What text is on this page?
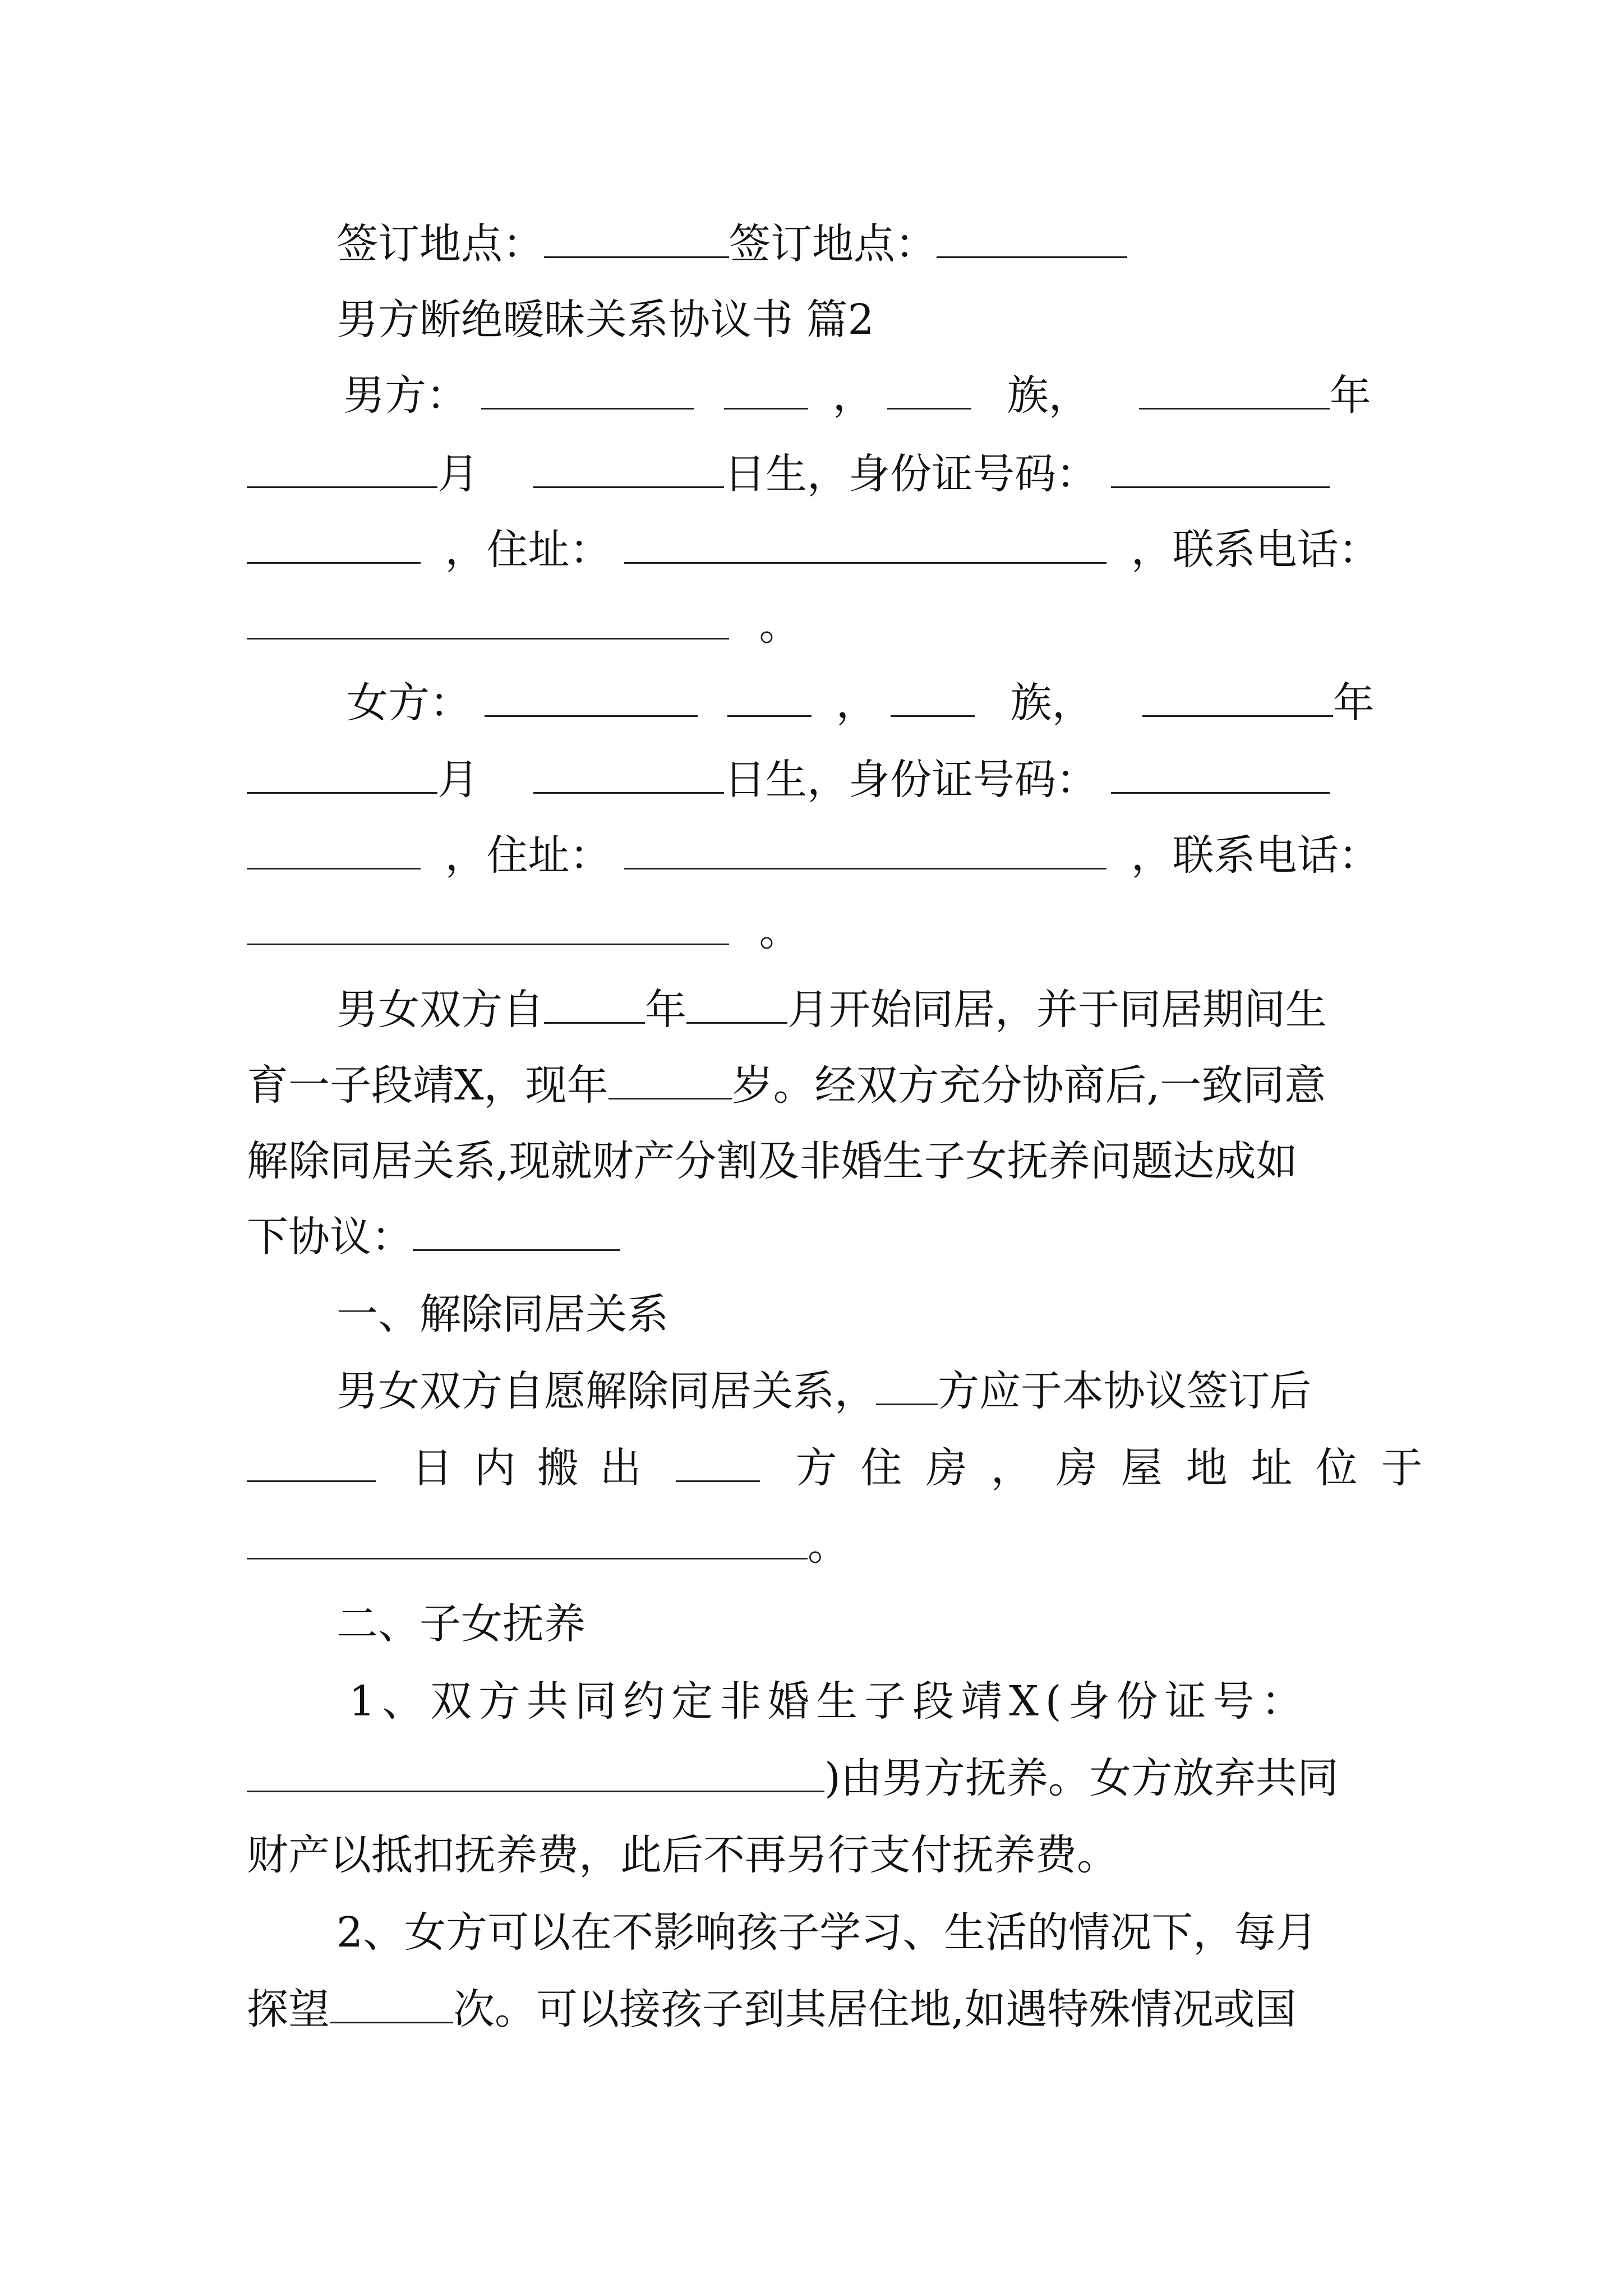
签订地点：	签订地点：
男方断绝暧昧关系协议书 篇2
男方：	，	族，	年
月	日生，身份证号码：
，住址：	，联系电话：
。
女方：	，	族，	年
月	日生，身份证号码：
，住址：	，联系电话：
。
男女双方自 年 月开始同居，并于同居期间生
育一子段靖X，现年	岁。经双方充分协商后,一致同意
解除同居关系,现就财产分割及非婚生子女抚养问题达成如
下协议：
一、解除同居关系
男女双方自愿解除同居关系， 方应于本协议签订后
日内搬出	方住房，房屋地址位于
。
二、子女抚养
1、双方共同约定非婚生子段靖X(身份证号：
)由男方抚养。女方放弃共同
财产以抵扣抚养费，此后不再另行支付抚养费。
2、女方可以在不影响孩子学习、生活的情况下，每月
探望	次。可以接孩子到其居住地,如遇特殊情况或国
